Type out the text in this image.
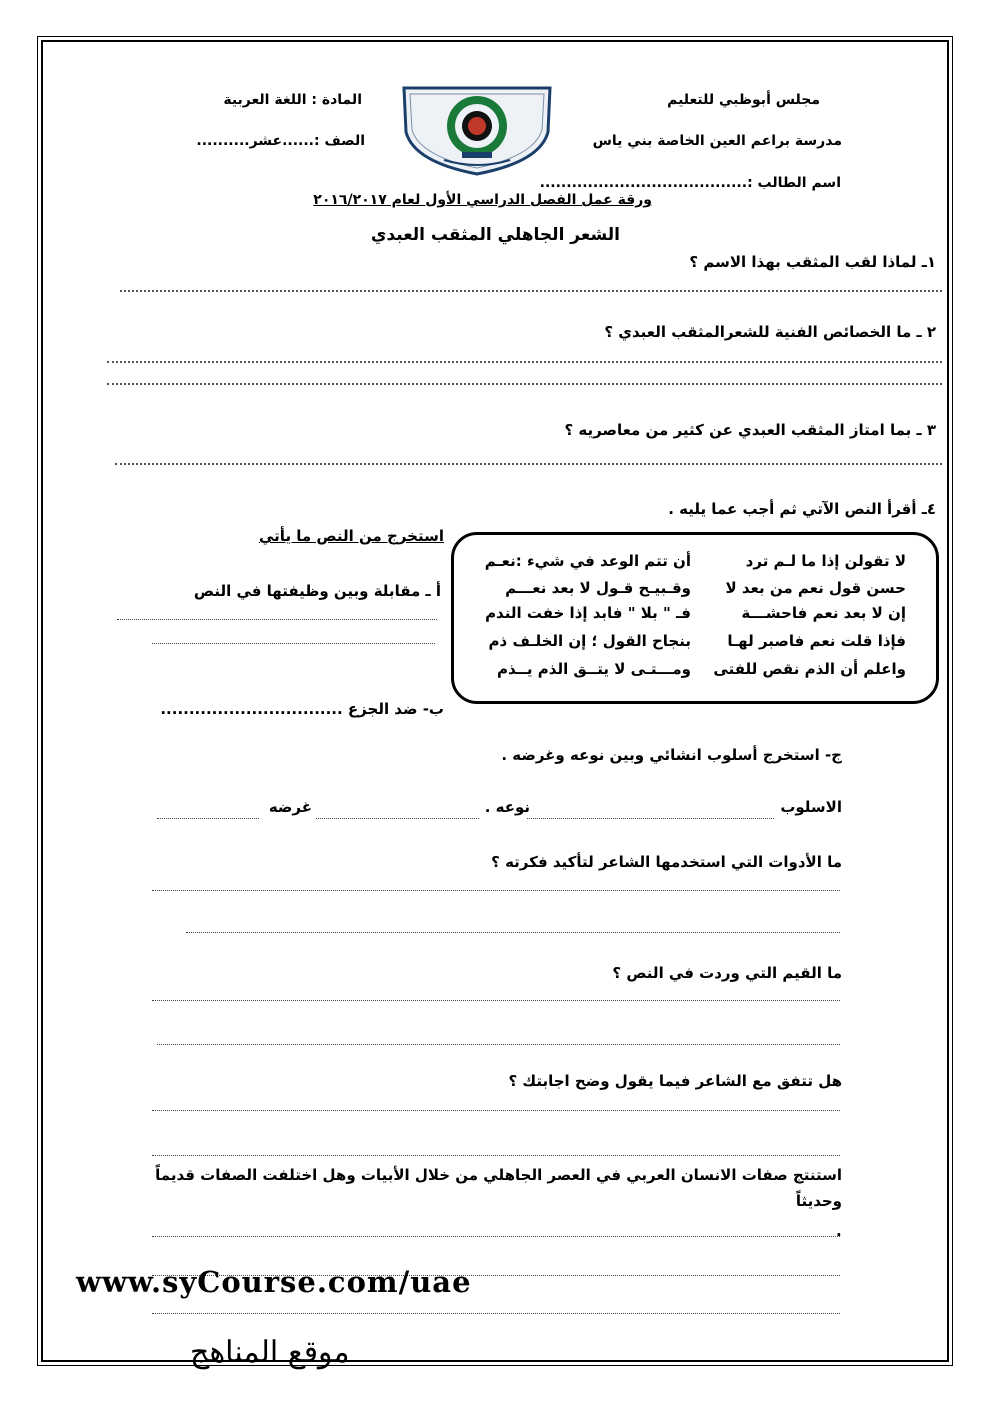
مجلس أبوظبي للتعليم
مدرسة براعم العين الخاصة بني ياس
اسم الطالب :.......................................
المادة : اللغة العربية
الصف :......عشر..........
ورقة عمل الفصل الدراسي الأول لعام ٢٠١٦/٢٠١٧
الشعر الجاهلي المثقب العبدي
١ـ لماذا لقب المثقب بهذا الاسم ؟
٢ ـ ما الخصائص الفنية للشعرالمثقب العبدي ؟
٣ ـ بما امتاز المثقب العبدي عن كثير من معاصريه ؟
٤ـ أقرأ النص الآتي ثم أجب عما يليه .
استخرج من النص ما يأتي
أ ـ مقابلة وبين وظيفتها في النص
ب- ضد الجزع ................................
لا تقولن إذا ما لـم ترد
أن تتم الوعد في شيء :نعـم
حسن قول نعم من بعد لا
وقـبيـح قـول لا بعد نعـــم
إن لا بعد نعم فاحشـــة
فـ " بلا " فابد إذا خفت الندم
فإذا قلت نعم فاصبر لهـا
بنجاح القول ؛ إن الخلـف ذم
واعلم أن الذم نقص للفتى
ومـــتـى لا يتــق الذم يــذم
ج- استخرج أسلوب انشائي وبين نوعه وغرضه .
الاسلوب
نوعه .
غرضه
ما الأدوات التي استخدمها الشاعر لتأكيد فكرته ؟
ما القيم التي وردت في النص ؟
هل تتفق مع الشاعر فيما يقول وضح اجابتك ؟
استنتج صفات الانسان العربي في العصر الجاهلي من خلال الأبيات وهل اختلفت الصفات قديماً وحديثاً
.
www.syCourse.com/uae
موقع المناهج
